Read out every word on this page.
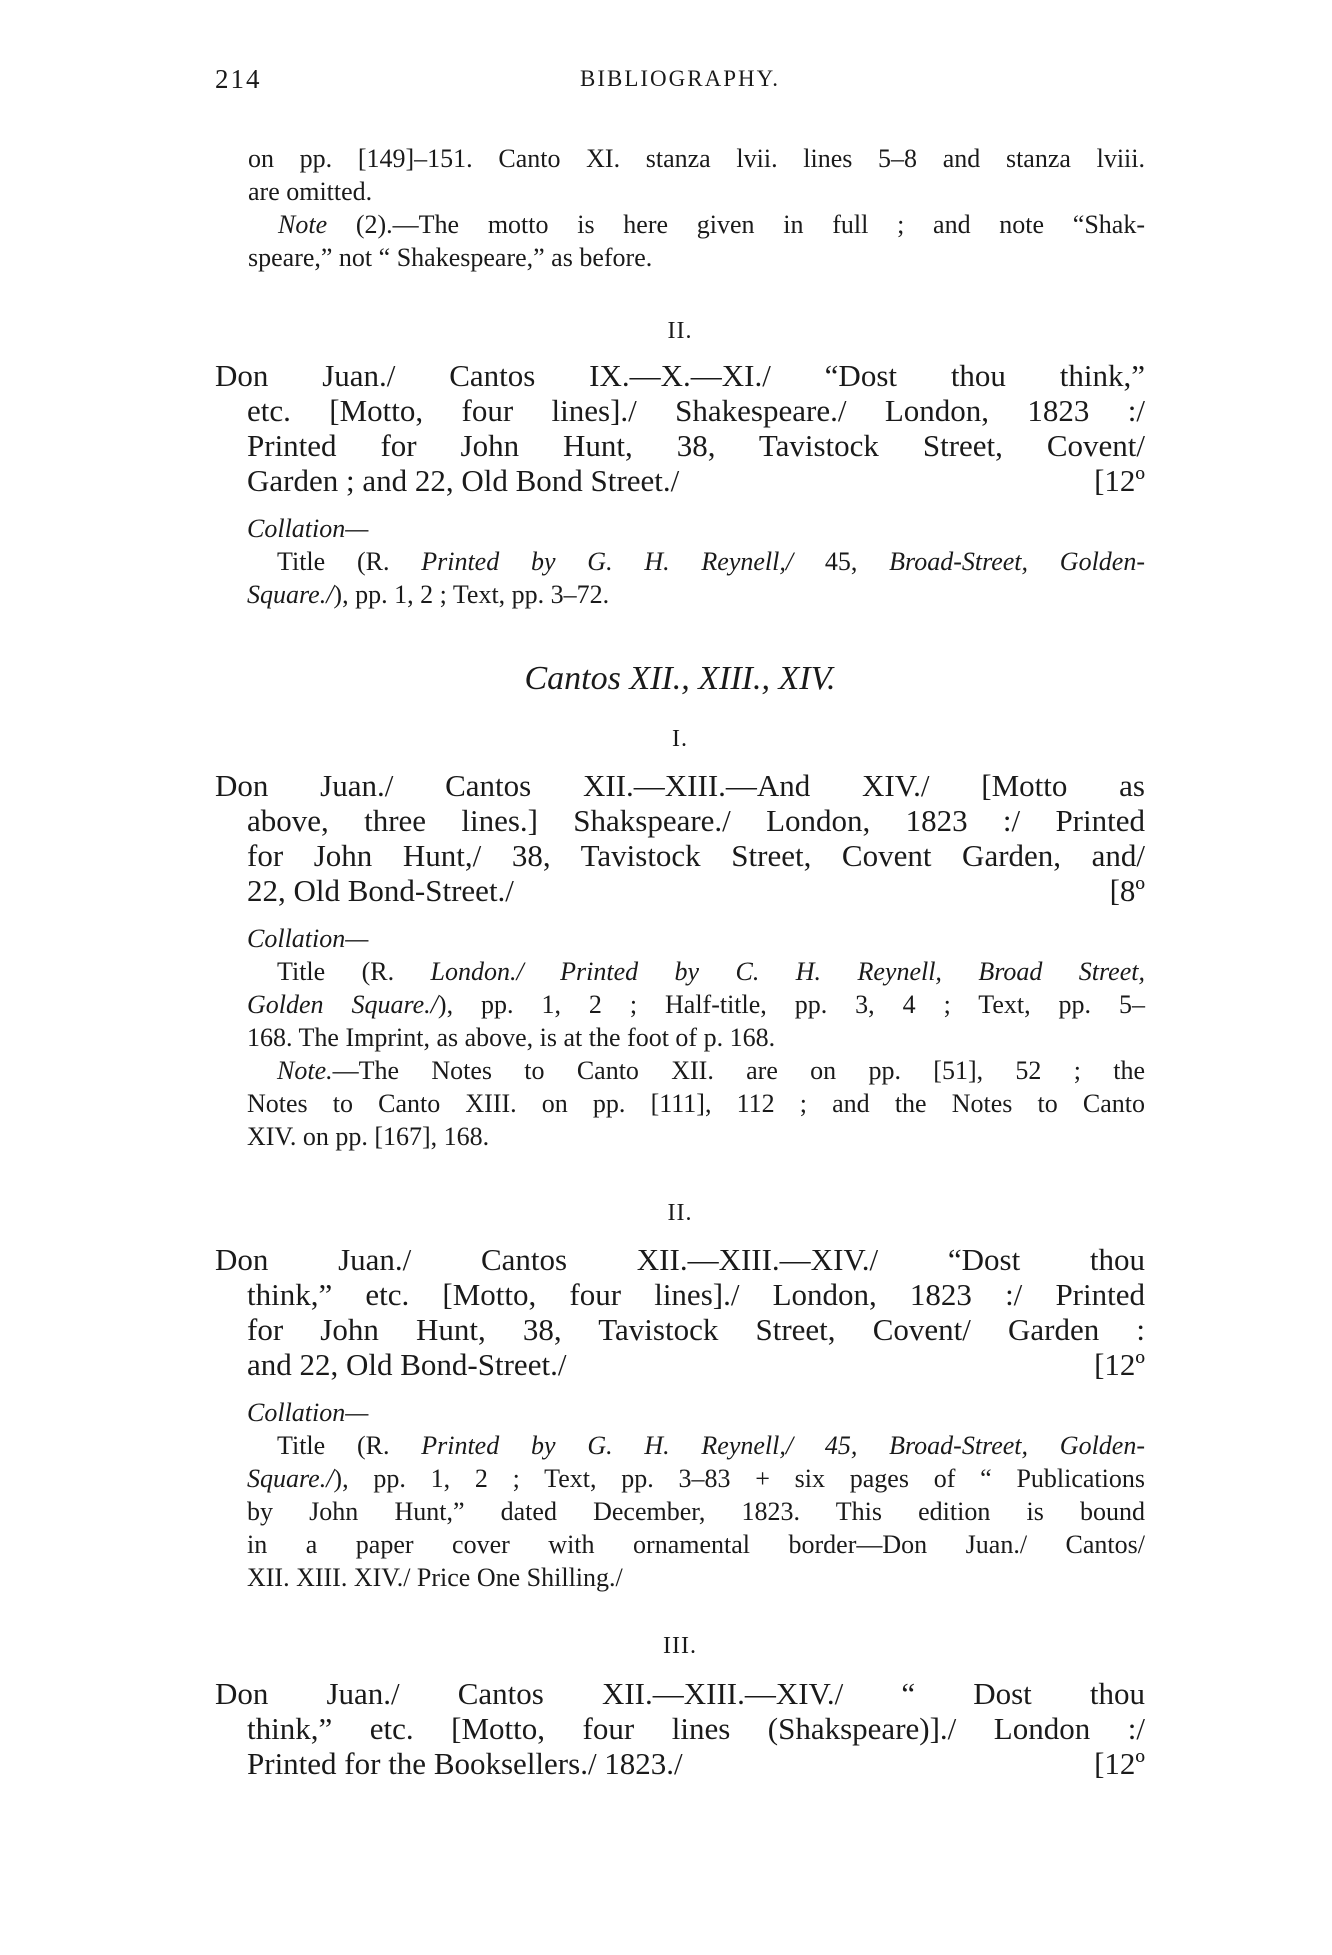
214	BIBLIOGRAPHY.
on pp. [149]–151. Canto XI. stanza lvii. lines 5–8 and stanza lviii.
are omitted.
Note (2).—The motto is here given in full ; and note “Shak-
speare,” not “ Shakespeare,” as before.
II.
Don Juan./ Cantos IX.—X.—XI./ “Dost thou think,”
etc. [Motto, four lines]./ Shakespeare./ London, 1823 :/
Printed for John Hunt, 38, Tavistock Street, Covent/
Garden ; and 22, Old Bond Street./	[12º
Collation—
Title (R. Printed by G. H. Reynell,/ 45, Broad-Street, Golden-
Square./), pp. 1, 2 ; Text, pp. 3–72.
Cantos XII., XIII., XIV.
I.
Don Juan./ Cantos XII.—XIII.—And XIV./ [Motto as
above, three lines.] Shakspeare./ London, 1823 :/ Printed
for John Hunt,/ 38, Tavistock Street, Covent Garden, and/
22, Old Bond-Street./	[8º
Collation—
Title (R. London./ Printed by C. H. Reynell, Broad Street,
Golden Square./), pp. 1, 2 ; Half-title, pp. 3, 4 ; Text, pp. 5–
168. The Imprint, as above, is at the foot of p. 168.
Note.—The Notes to Canto XII. are on pp. [51], 52 ; the
Notes to Canto XIII. on pp. [111], 112 ; and the Notes to Canto
XIV. on pp. [167], 168.
II.
Don Juan./ Cantos XII.—XIII.—XIV./ “Dost thou
think,” etc. [Motto, four lines]./ London, 1823 :/ Printed
for John Hunt, 38, Tavistock Street, Covent/ Garden :
and 22, Old Bond-Street./	[12º
Collation—
Title (R. Printed by G. H. Reynell,/ 45, Broad-Street, Golden-
Square./), pp. 1, 2 ; Text, pp. 3–83 + six pages of “ Publications
by John Hunt,” dated December, 1823. This edition is bound
in a paper cover with ornamental border—Don Juan./ Cantos/
XII. XIII. XIV./ Price One Shilling./
III.
Don Juan./ Cantos XII.—XIII.—XIV./ “ Dost thou
think,” etc. [Motto, four lines (Shakspeare)]./ London :/
Printed for the Booksellers./ 1823./	[12º
